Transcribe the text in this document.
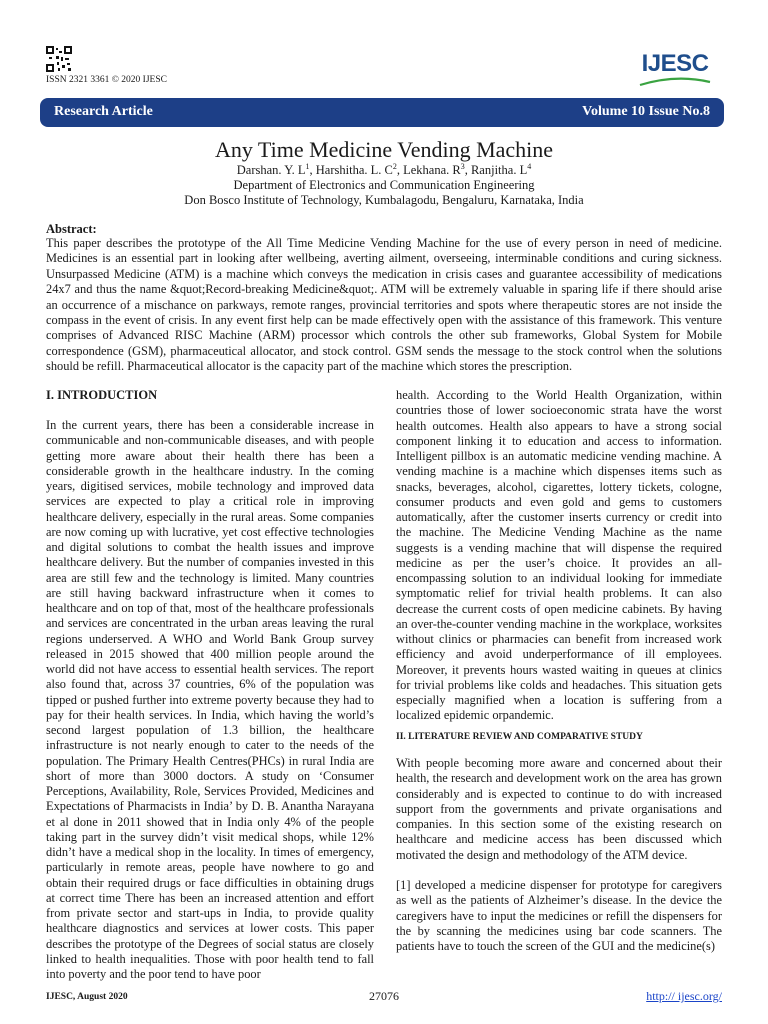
ISSN 2321 3361 © 2020 IJESC
IJESC
Research Article	Volume 10 Issue No.8
Any Time Medicine Vending Machine
Darshan. Y. $L^1$, Harshitha. L. $C^2$, Lekhana. $R^3$, Ranjitha. $L^4$
Department of Electronics and Communication Engineering
Don Bosco Institute of Technology, Kumbalagodu, Bengaluru, Karnataka, India
Abstract:
This paper describes the prototype of the All Time Medicine Vending Machine for the use of every person in need of medicine. Medicines is an essential part in looking after wellbeing, averting ailment, overseeing, interminable conditions and curing sickness. Unsurpassed Medicine (ATM) is a machine which conveys the medication in crisis cases and guarantee accessibility of medications 24x7 and thus the name &quot;Record-breaking Medicine&quot;. ATM will be extremely valuable in sparing life if there should arise an occurrence of a mischance on parkways, remote ranges, provincial territories and spots where therapeutic stores are not inside the compass in the event of crisis. In any event first help can be made effectively open with the assistance of this framework. This venture comprises of Advanced RISC Machine (ARM) processor which controls the other sub frameworks, Global System for Mobile correspondence (GSM), pharmaceutical allocator, and stock control. GSM sends the message to the stock control when the solutions should be refill. Pharmaceutical allocator is the capacity part of the machine which stores the prescription.
I. INTRODUCTION
In the current years, there has been a considerable increase in communicable and non-communicable diseases, and with people getting more aware about their health there has been a considerable growth in the healthcare industry. In the coming years, digitised services, mobile technology and improved data services are expected to play a critical role in improving healthcare delivery, especially in the rural areas. Some companies are now coming up with lucrative, yet cost effective technologies and digital solutions to combat the health issues and improve healthcare delivery. But the number of companies invested in this area are still few and the technology is limited. Many countries are still having backward infrastructure when it comes to healthcare and on top of that, most of the healthcare professionals and services are concentrated in the urban areas leaving the rural regions underserved. A WHO and World Bank Group survey released in 2015 showed that 400 million people around the world did not have access to essential health services. The report also found that, across 37 countries, 6% of the population was tipped or pushed further into extreme poverty because they had to pay for their health services. In India, which having the world’s second largest population of 1.3 billion, the healthcare infrastructure is not nearly enough to cater to the needs of the population. The Primary Health Centres(PHCs) in rural India are short of more than 3000 doctors. A study on ‘Consumer Perceptions, Availability, Role, Services Provided, Medicines and Expectations of Pharmacists in India’ by D. B. Anantha Narayana et al done in 2011 showed that in India only 4% of the people taking part in the survey didn’t visit medical shops, while 12% didn’t have a medical shop in the locality. In times of emergency, particularly in remote areas, people have nowhere to go and obtain their required drugs or face difficulties in obtaining drugs at correct time There has been an increased attention and effort from private sector and start-ups in India, to provide quality healthcare diagnostics and services at lower costs. This paper describes the prototype of the Degrees of social status are closely linked to health inequalities. Those with poor health tend to fall into poverty and the poor tend to have poor
health. According to the World Health Organization, within countries those of lower socioeconomic strata have the worst health outcomes. Health also appears to have a strong social component linking it to education and access to information. Intelligent pillbox is an automatic medicine vending machine. A vending machine is a machine which dispenses items such as snacks, beverages, alcohol, cigarettes, lottery tickets, cologne, consumer products and even gold and gems to customers automatically, after the customer inserts currency or credit into the machine. The Medicine Vending Machine as the name suggests is a vending machine that will dispense the required medicine as per the user’s choice. It provides an all-encompassing solution to an individual looking for immediate symptomatic relief for trivial health problems. It can also decrease the current costs of open medicine cabinets. By having an over-the-counter vending machine in the workplace, worksites without clinics or pharmacies can benefit from increased work efficiency and avoid underperformance of ill employees. Moreover, it prevents hours wasted waiting in queues at clinics for trivial problems like colds and headaches. This situation gets especially magnified when a location is suffering from a localized epidemic orpandemic.
II. LITERATURE REVIEW AND COMPARATIVE STUDY
With people becoming more aware and concerned about their health, the research and development work on the area has grown considerably and is expected to continue to do with increased support from the governments and private organisations and companies. In this section some of the existing research on healthcare and medicine access has been discussed which motivated the design and methodology of the ATM device.
[1] developed a medicine dispenser for prototype for caregivers as well as the patients of Alzheimer’s disease. In the device the caregivers have to input the medicines or refill the dispensers for the by scanning the medicines using bar code scanners. The patients have to touch the screen of the GUI and the medicine(s)
IJESC, August 2020	27076	http:// ijesc.org/
